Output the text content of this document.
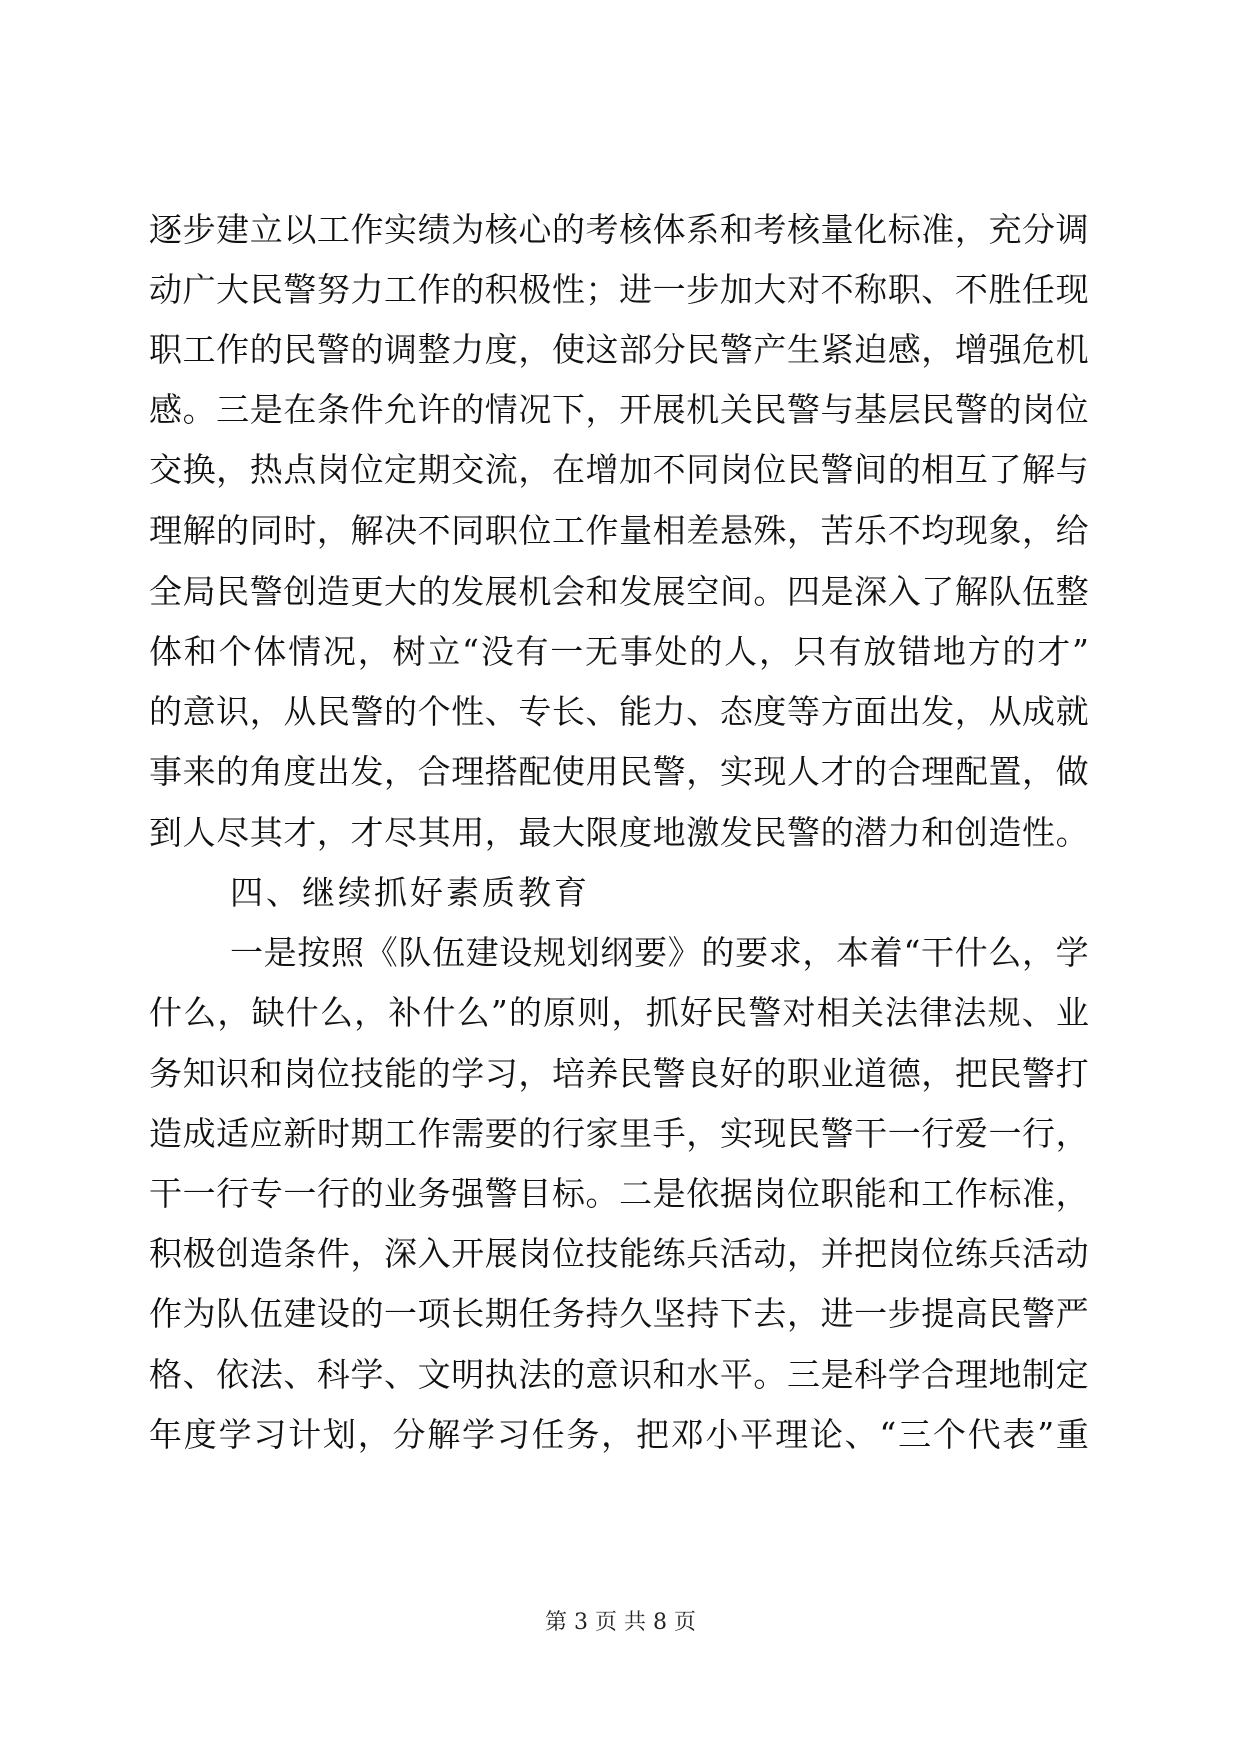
逐 步 建 立 以 工 作 实 绩 为 核 心 的 考 核 体 系 和 考 核 量 化 标 准 ， 充 分 调
动 广 大 民 警 努 力 工 作 的 积 极 性 ； 进 一 步 加 大 对 不 称 职 、 不 胜 任 现
职 工 作 的 民 警 的 调 整 力 度 ， 使 这 部 分 民 警 产 生 紧 迫 感 ， 增 强 危 机
感 。 三 是 在 条 件 允 许 的 情 况 下 ， 开 展 机 关 民 警 与 基 层 民 警 的 岗 位
交 换 ， 热 点 岗 位 定 期 交 流 ， 在 增 加 不 同 岗 位 民 警 间 的 相 互 了 解 与
理 解 的 同 时 ， 解 决 不 同 职 位 工 作 量 相 差 悬 殊 ， 苦 乐 不 均 现 象 ， 给
全 局 民 警 创 造 更 大 的 发 展 机 会 和 发 展 空 间 。 四 是 深 入 了 解 队 伍 整
体 和 个 体 情 况 ， 树 立 “ 没 有 一 无 事 处 的 人 ， 只 有 放 错 地 方 的 才 ”
的 意 识 ， 从 民 警 的 个 性 、 专 长 、 能 力 、 态 度 等 方 面 出 发 ， 从 成 就
事 来 的 角 度 出 发 ， 合 理 搭 配 使 用 民 警 ， 实 现 人 才 的 合 理 配 置 ， 做
到 人 尽 其 才 ， 才 尽 其 用 ， 最 大 限 度 地 激 发 民 警 的 潜 力 和 创 造 性 。
四 、 继 续 抓 好 素 质 教 育
一 是 按 照 《 队 伍 建 设 规 划 纲 要 》 的 要 求 ， 本 着 “ 干 什 么 ， 学
什 么 ， 缺 什 么 ， 补 什 么 ” 的 原 则 ， 抓 好 民 警 对 相 关 法 律 法 规 、 业
务 知 识 和 岗 位 技 能 的 学 习 ， 培 养 民 警 良 好 的 职 业 道 德 ， 把 民 警 打
造 成 适 应 新 时 期 工 作 需 要 的 行 家 里 手 ， 实 现 民 警 干 一 行 爱 一 行 ，
干 一 行 专 一 行 的 业 务 强 警 目 标 。 二 是 依 据 岗 位 职 能 和 工 作 标 准 ，
积 极 创 造 条 件 ， 深 入 开 展 岗 位 技 能 练 兵 活 动 ， 并 把 岗 位 练 兵 活 动
作 为 队 伍 建 设 的 一 项 长 期 任 务 持 久 坚 持 下 去 ， 进 一 步 提 高 民 警 严
格 、 依 法 、 科 学 、 文 明 执 法 的 意 识 和 水 平 。 三 是 科 学 合 理 地 制 定
年 度 学 习 计 划 ， 分 解 学 习 任 务 ， 把 邓 小 平 理 论 、 “ 三 个 代 表 ” 重
第 3 页 共 8 页
